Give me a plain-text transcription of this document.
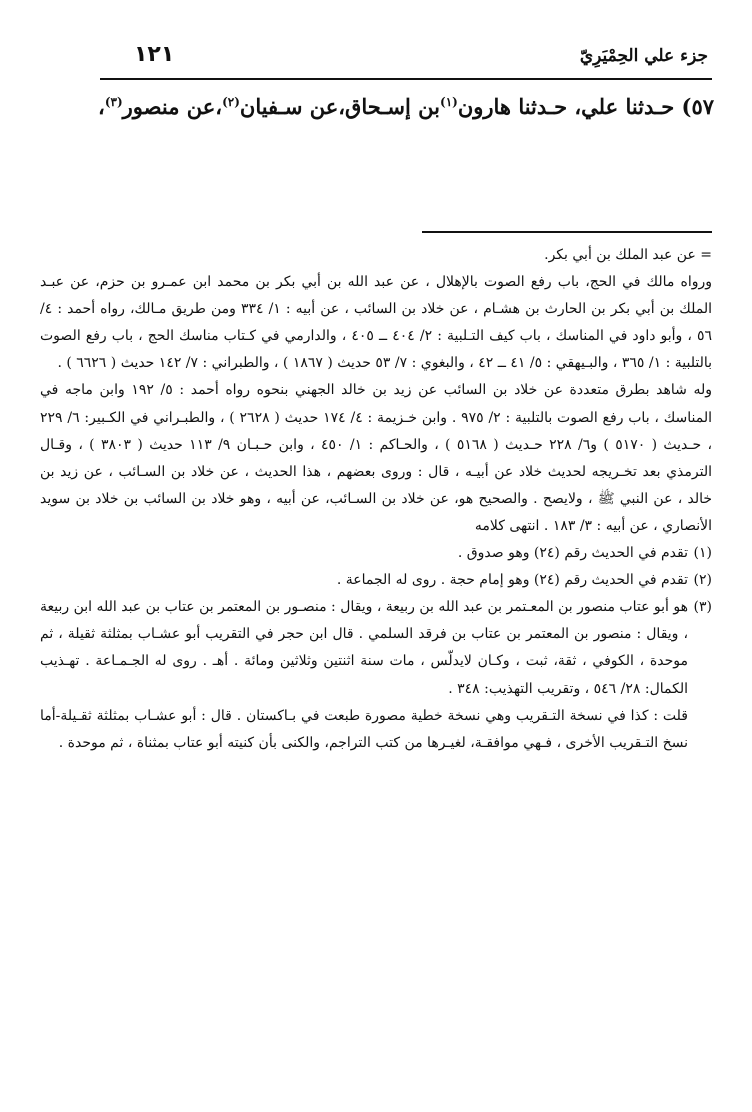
جزء علي الحِمْيَرِيّ
١٢١
٥٧) حـدثنا علي، حـدثنا هارون$^{(١)}$بن إسـحاق،عن سـفيان$^{(٢)}$،عن منصور$^{(٣)}$،

= عن عبد الملك بن أبي بكر.

ورواه مالك في الحج، باب رفع الصوت بالإهلال ، عن عبد الله بن أبي بكر بن محمد ابن عمـرو بن حزم، عن عبـد الملك بن أبي بكر بن الحارث بن هشـام ، عن خلاد بن السائب ، عن أبيه : ١/ ٣٣٤ ومن طريق مـالك، رواه أحمد : ٤/ ٥٦ ، وأبو داود في المناسك ، باب كيف التـلبية : ٢/ ٤٠٤ ــ ٤٠٥ ، والدارمي في كـتاب مناسك الحج ، باب رفع الصوت بالتلبية : ١/ ٣٦٥ ، والبـيهقي : ٥/ ٤١ ــ ٤٢ ، والبغوي : ٧/ ٥٣ حديث ( ١٨٦٧ ) ، والطبراني : ٧/ ١٤٢ حديث ( ٦٦٢٦ ) .

وله شاهد بطرق متعددة عن خلاد بن السائب عن زيد بن خالد الجهني بنحوه رواه أحمد : ٥/ ١٩٢ وابن ماجه في المناسك ، باب رفع الصوت بالتلبية : ٢/ ٩٧٥ . وابن خـزيمة : ٤/ ١٧٤ حديث ( ٢٦٢٨ ) ، والطبـراني في الكـبير: ٦/ ٢٢٩ ، حـديث ( ٥١٧٠ ) و٦/ ٢٢٨ حـديث ( ٥١٦٨ ) ، والحـاكم : ١/ ٤٥٠ ، وابن حـبـان ٩/ ١١٣ حديث ( ٣٨٠٣ ) ، وقـال الترمذي بعد تخـريجه لحديث خلاد عن أبيـه ، قال : وروى بعضهم ، هذا الحديث ، عن خلاد بن السـائب ، عن زيد بن خالد ، عن النبي ﷺ ، ولايصح . والصحيح هو، عن خلاد بن السـائب، عن أبيه ، وهو خلاد بن السائب بن خلاد بن سويد الأنصاري ، عن أبيه : ٣/ ١٨٣ . انتهى كلامه

(١)تقدم في الحديث رقم (٢٤) وهو صدوق .

(٢)تقدم في الحديث رقم (٢٤) وهو إمام حجة . روى له الجماعة .

(٣)هو أبو عتاب منصور بن المعـتمر بن عبد الله بن ربيعة ، ويقال : منصـور بن المعتمر بن عتاب بن عبد الله ابن ربيعة ، ويقال : منصور بن المعتمر بن عتاب بن فرقد السلمي . قال ابن حجر في التقريب أبو عشـاب بمثلثة ثقيلة ، ثم موحدة ، الكوفي ، ثقة، ثبت ، وكـان لايدلّس ، مات سنة اثنتين وثلاثين ومائة . أهـ . روى له الجـمـاعة . تهـذيب الكمال: ٢٨/ ٥٤٦ ، وتقريب التهذيب: ٣٤٨ .

قلت : كذا في نسخة التـقريب وهي نسخة خطية مصورة طبعت في بـاكستان . قال : أبو عشـاب بمثلثة ثقـيلة-أما نسخ التـقريب الأخرى ، فـهي موافقـة، لغيـرها من كتب التراجم، والكنى بأن كنيته أبو عتاب بمثناة ، ثم موحدة .
